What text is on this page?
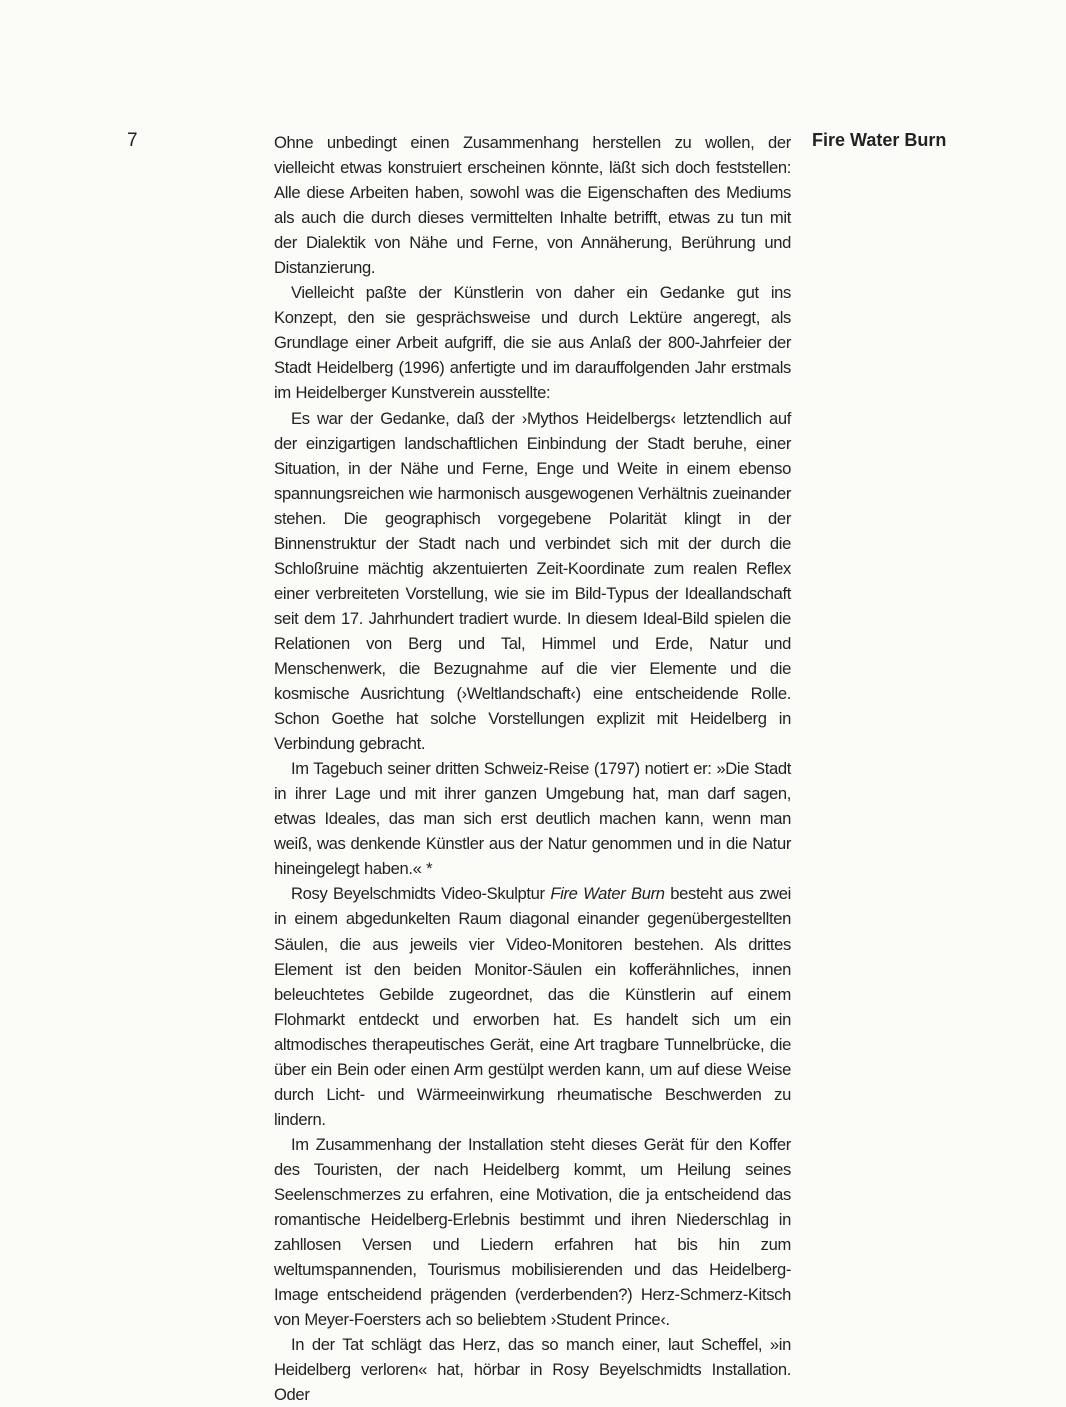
7	Fire Water Burn

Ohne unbedingt einen Zusammenhang herstellen zu wollen, der vielleicht etwas konstruiert erscheinen könnte, läßt sich doch feststellen: Alle diese Arbeiten haben, sowohl was die Eigenschaften des Mediums als auch die durch dieses vermittelten Inhalte betrifft, etwas zu tun mit der Dialektik von Nähe und Ferne, von Annäherung, Berührung und Distanzierung.

Vielleicht paßte der Künstlerin von daher ein Gedanke gut ins Konzept, den sie gesprächsweise und durch Lektüre angeregt, als Grundlage einer Arbeit aufgriff, die sie aus Anlaß der 800-Jahrfeier der Stadt Heidelberg (1996) anfertigte und im darauffolgenden Jahr erstmals im Heidelberger Kunstverein ausstellte:

Es war der Gedanke, daß der ›Mythos Heidelbergs‹ letztendlich auf der einzigartigen landschaftlichen Einbindung der Stadt beruhe, einer Situation, in der Nähe und Ferne, Enge und Weite in einem ebenso spannungsreichen wie harmonisch ausgewogenen Verhältnis zueinander stehen. Die geographisch vorgegebene Polarität klingt in der Binnenstruktur der Stadt nach und verbindet sich mit der durch die Schloßruine mächtig akzentuierten Zeit-Koordinate zum realen Reflex einer verbreiteten Vorstellung, wie sie im Bild-Typus der Ideallandschaft seit dem 17. Jahrhundert tradiert wurde. In diesem Ideal-Bild spielen die Relationen von Berg und Tal, Himmel und Erde, Natur und Menschenwerk, die Bezugnahme auf die vier Elemente und die kosmische Ausrichtung (›Weltlandschaft‹) eine entscheidende Rolle. Schon Goethe hat solche Vorstellungen explizit mit Heidelberg in Verbindung gebracht.

Im Tagebuch seiner dritten Schweiz-Reise (1797) notiert er: »Die Stadt in ihrer Lage und mit ihrer ganzen Umgebung hat, man darf sagen, etwas Ideales, das man sich erst deutlich machen kann, wenn man weiß, was denkende Künstler aus der Natur genommen und in die Natur hineingelegt haben.« *

Rosy Beyelschmidts Video-Skulptur Fire Water Burn besteht aus zwei in einem abgedunkelten Raum diagonal einander gegenübergestellten Säulen, die aus jeweils vier Video-Monitoren bestehen. Als drittes Element ist den beiden Monitor-Säulen ein kofferähnliches, innen beleuchtetes Gebilde zugeordnet, das die Künstlerin auf einem Flohmarkt entdeckt und erworben hat. Es handelt sich um ein altmodisches therapeutisches Gerät, eine Art tragbare Tunnelbrücke, die über ein Bein oder einen Arm gestülpt werden kann, um auf diese Weise durch Licht- und Wärmeeinwirkung rheumatische Beschwerden zu lindern.

Im Zusammenhang der Installation steht dieses Gerät für den Koffer des Touristen, der nach Heidelberg kommt, um Heilung seines Seelenschmerzes zu erfahren, eine Motivation, die ja entscheidend das romantische Heidelberg-Erlebnis bestimmt und ihren Niederschlag in zahllosen Versen und Liedern erfahren hat bis hin zum weltumspannenden, Tourismus mobilisierenden und das Heidelberg-Image entscheidend prägenden (verderbenden?) Herz-Schmerz-Kitsch von Meyer-Foersters ach so beliebtem ›Student Prince‹.

In der Tat schlägt das Herz, das so manch einer, laut Scheffel, »in Heidelberg verloren« hat, hörbar in Rosy Beyelschmidts Installation. Oder
